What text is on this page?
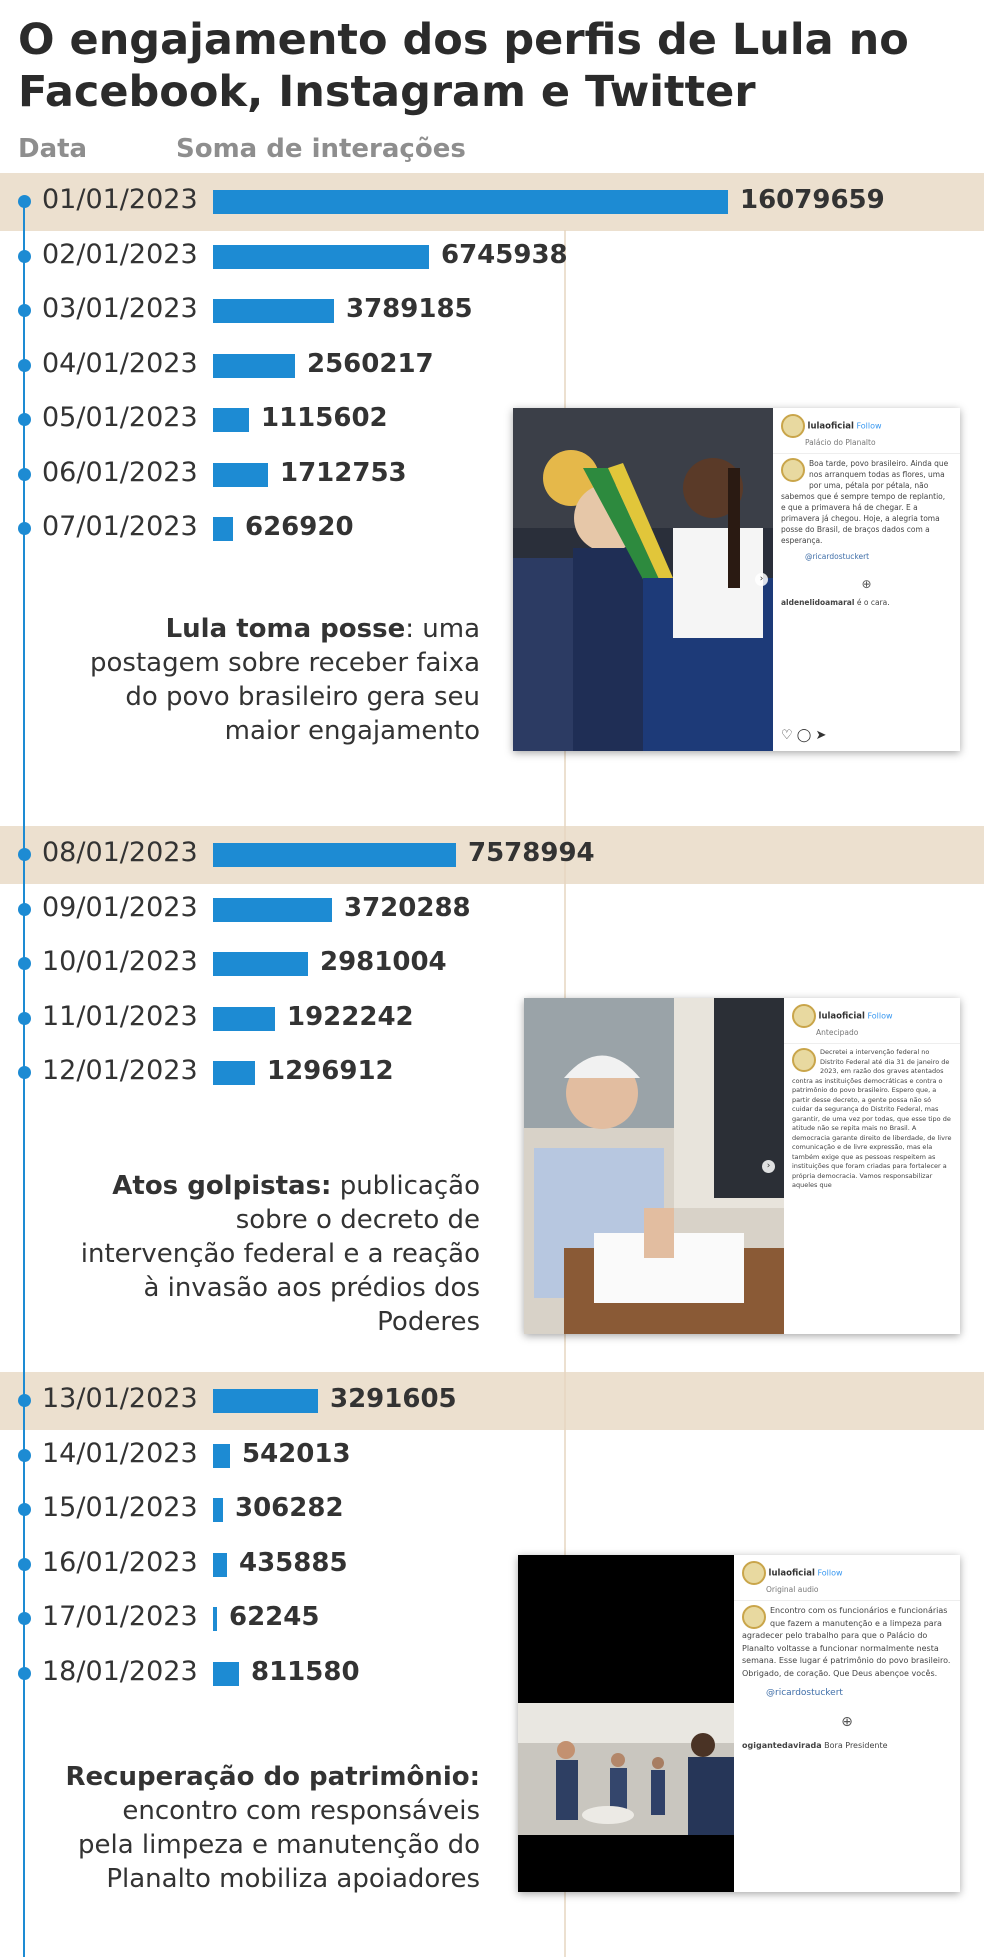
O engajamento dos perfis de Lula no Facebook, Instagram e Twitter
Data	Soma de interações
01/01/2023	16079659
02/01/2023	6745938
03/01/2023	3789185
04/01/2023	2560217
05/01/2023 1115602
06/01/2023	1712753
07/01/2023 626920
08/01/2023	7578994
09/01/2023	3720288
10/01/2023	2981004
11/01/2023	1922242
12/01/2023	1296912
13/01/2023	3291605
14/01/2023 542013
15/01/2023 306282
16/01/2023 435885
17/01/2023 62245
18/01/2023 811580
Lula toma posse: uma postagem sobre receber faixa do povo brasileiro gera seu maior engajamento
›
lulaoficial Follow
Palácio do Planalto
Boa tarde, povo brasileiro. Ainda que nos arranquem todas as flores, uma por uma, pétala por pétala, não sabemos que é sempre tempo de replantio, e que a primavera há de chegar. E a primavera já chegou. Hoje, a alegria toma posse do Brasil, de braços dados com a esperança.
@ricardostuckert
⊕
aldenelidoamaral é o cara.
♡ ◯ ➤
Atos golpistas: publicação sobre o decreto de intervenção federal e a reação à invasão aos prédios dos Poderes
›
lulaoficial Follow
Antecipado
Decretei a intervenção federal no Distrito Federal até dia 31 de janeiro de 2023, em razão dos graves atentados contra as instituições democráticas e contra o patrimônio do povo brasileiro. Espero que, a partir desse decreto, a gente possa não só cuidar da segurança do Distrito Federal, mas garantir, de uma vez por todas, que esse tipo de atitude não se repita mais no Brasil. A democracia garante direito de liberdade, de livre comunicação e de livre expressão, mas ela também exige que as pessoas respeitem as instituições que foram criadas para fortalecer a própria democracia. Vamos responsabilizar aqueles que
Recuperação do patrimônio: encontro com responsáveis pela limpeza e manutenção do Planalto mobiliza apoiadores
lulaoficial Follow
Original audio
Encontro com os funcionários e funcionárias que fazem a manutenção e a limpeza para agradecer pelo trabalho para que o Palácio do Planalto voltasse a funcionar normalmente nesta semana. Esse lugar é patrimônio do povo brasileiro. Obrigado, de coração. Que Deus abençoe vocês.
@ricardostuckert
⊕
ogigantedavirada Bora Presidente
